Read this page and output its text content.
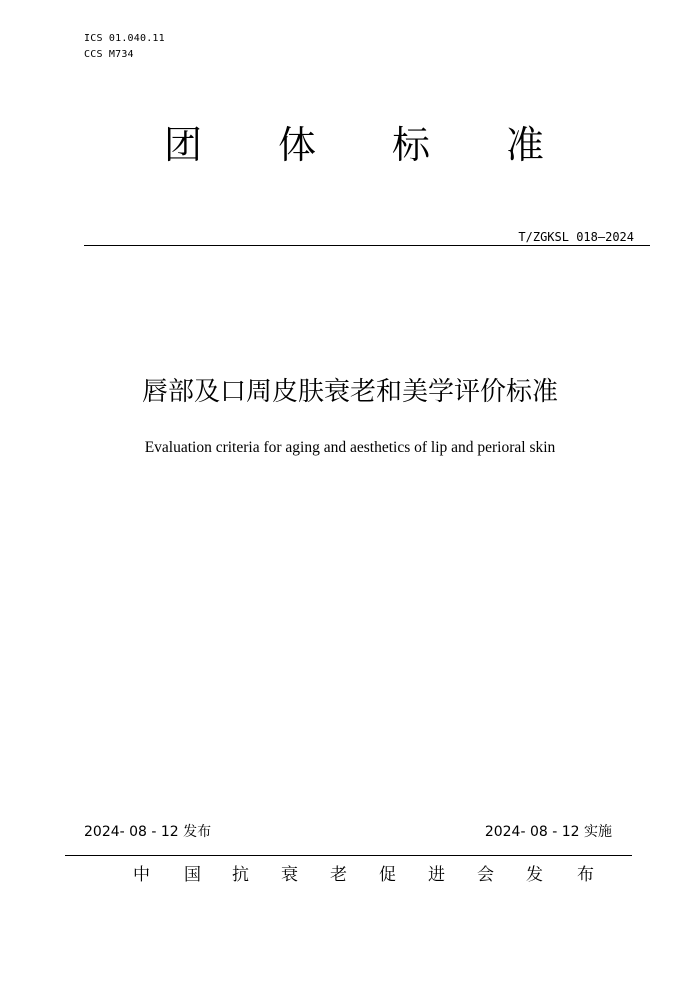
ICS 01.040.11
CCS M734
团 体 标 准
T/ZGKSL 018—2024
唇部及口周皮肤衰老和美学评价标准
Evaluation criteria for aging and aesthetics of lip and perioral skin
2024- 08 - 12 发布	2024- 08 - 12 实施
中 国 抗 衰 老 促 进 会 发 布
